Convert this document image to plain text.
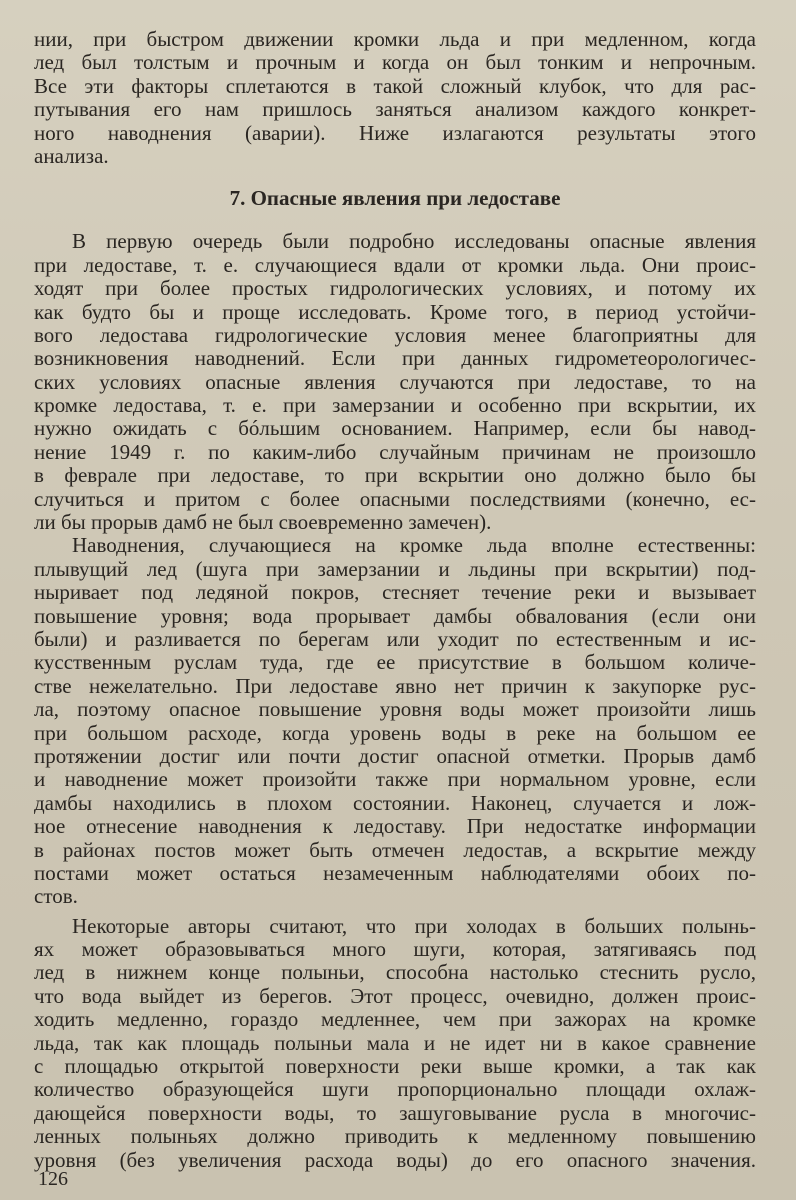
нии, при быстром движении кромки льда и при медленном, когда
лед был толстым и прочным и когда он был тонким и непрочным.
Все эти факторы сплетаются в такой сложный клубок, что для рас-
путывания его нам пришлось заняться анализом каждого конкрет-
ного наводнения (аварии). Ниже излагаются результаты этого
анализа.
7. Опасные явления при ледоставе
В первую очередь были подробно исследованы опасные явления
при ледоставе, т. е. случающиеся вдали от кромки льда. Они проис-
ходят при более простых гидрологических условиях, и потому их
как будто бы и проще исследовать. Кроме того, в период устойчи-
вого ледостава гидрологические условия менее благоприятны для
возникновения наводнений. Если при данных гидрометеорологичес-
ских условиях опасные явления случаются при ледоставе, то на
кромке ледостава, т. е. при замерзании и особенно при вскрытии, их
нужно ожидать с бóльшим основанием. Например, если бы навод-
нение 1949 г. по каким-либо случайным причинам не произошло
в феврале при ледоставе, то при вскрытии оно должно было бы
случиться и притом с более опасными последствиями (конечно, ес-
ли бы прорыв дамб не был своевременно замечен).
Наводнения, случающиеся на кромке льда вполне естественны:
плывущий лед (шуга при замерзании и льдины при вскрытии) под-
ныривает под ледяной покров, стесняет течение реки и вызывает
повышение уровня; вода прорывает дамбы обвалования (если они
были) и разливается по берегам или уходит по естественным и ис-
кусственным руслам туда, где ее присутствие в большом количе-
стве нежелательно. При ледоставе явно нет причин к закупорке рус-
ла, поэтому опасное повышение уровня воды может произойти лишь
при большом расходе, когда уровень воды в реке на большом ее
протяжении достиг или почти достиг опасной отметки. Прорыв дамб
и наводнение может произойти также при нормальном уровне, если
дамбы находились в плохом состоянии. Наконец, случается и лож-
ное отнесение наводнения к ледоставу. При недостатке информации
в районах постов может быть отмечен ледостав, а вскрытие между
постами может остаться незамеченным наблюдателями обоих по-
стов.
Некоторые авторы считают, что при холодах в больших полынь-
ях может образовываться много шуги, которая, затягиваясь под
лед в нижнем конце полыньи, способна настолько стеснить русло,
что вода выйдет из берегов. Этот процесс, очевидно, должен проис-
ходить медленно, гораздо медленнее, чем при зажорах на кромке
льда, так как площадь полыньи мала и не идет ни в какое сравнение
с площадью открытой поверхности реки выше кромки, а так как
количество образующейся шуги пропорционально площади охлаж-
дающейся поверхности воды, то зашуговывание русла в многочис-
ленных полыньях должно приводить к медленному повышению
уровня (без увеличения расхода воды) до его опасного значения.
126
